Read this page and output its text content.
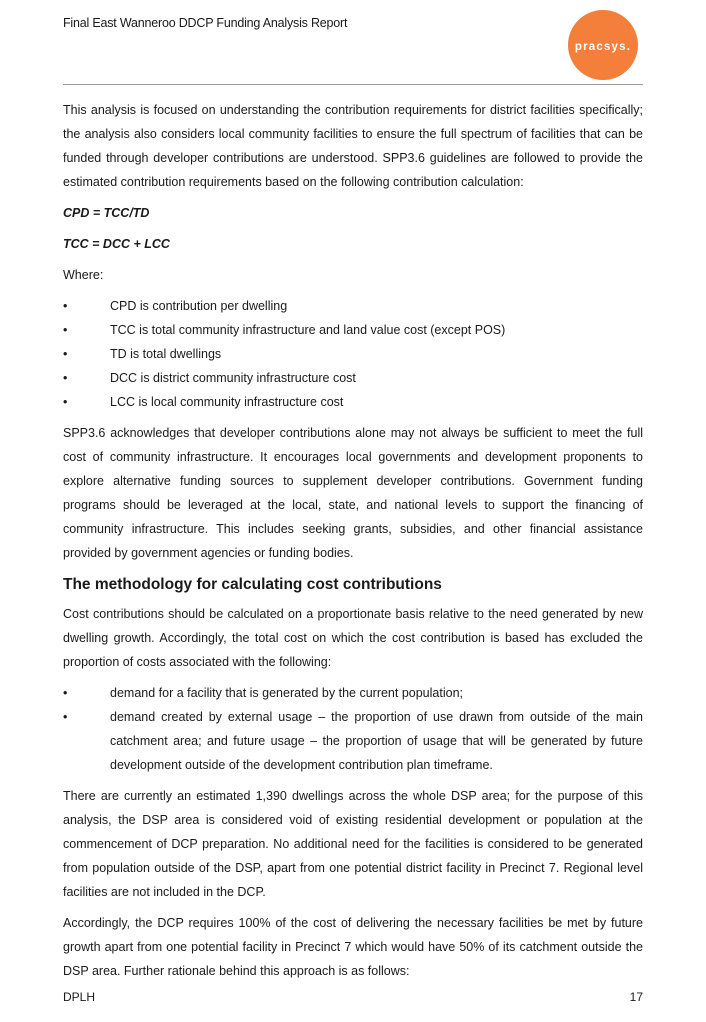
Final East Wanneroo DDCP Funding Analysis Report
pracsys.

This analysis is focused on understanding the contribution requirements for district facilities specifically; the analysis also considers local community facilities to ensure the full spectrum of facilities that can be funded through developer contributions are understood. SPP3.6 guidelines are followed to provide the estimated contribution requirements based on the following contribution calculation:

CPD = TCC/TD

TCC = DCC + LCC

Where:

•	CPD is contribution per dwelling
•	TCC is total community infrastructure and land value cost (except POS)
•	TD is total dwellings
•	DCC is district community infrastructure cost
•	LCC is local community infrastructure cost

SPP3.6 acknowledges that developer contributions alone may not always be sufficient to meet the full cost of community infrastructure. It encourages local governments and development proponents to explore alternative funding sources to supplement developer contributions. Government funding programs should be leveraged at the local, state, and national levels to support the financing of community infrastructure. This includes seeking grants, subsidies, and other financial assistance provided by government agencies or funding bodies.

The methodology for calculating cost contributions

Cost contributions should be calculated on a proportionate basis relative to the need generated by new dwelling growth. Accordingly, the total cost on which the cost contribution is based has excluded the proportion of costs associated with the following:

•	demand for a facility that is generated by the current population;
•	demand created by external usage – the proportion of use drawn from outside of the main catchment area; and future usage – the proportion of usage that will be generated by future development outside of the development contribution plan timeframe.

There are currently an estimated 1,390 dwellings across the whole DSP area; for the purpose of this analysis, the DSP area is considered void of existing residential development or population at the commencement of DCP preparation. No additional need for the facilities is considered to be generated from population outside of the DSP, apart from one potential district facility in Precinct 7. Regional level facilities are not included in the DCP.

Accordingly, the DCP requires 100% of the cost of delivering the necessary facilities be met by future growth apart from one potential facility in Precinct 7 which would have 50% of its catchment outside the DSP area. Further rationale behind this approach is as follows:

DPLH	17
